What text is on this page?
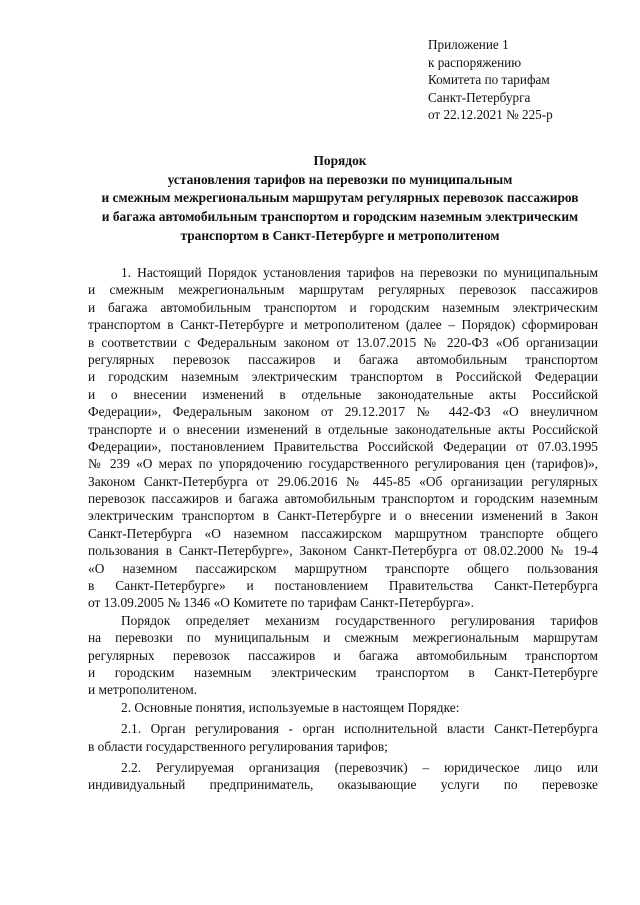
Приложение 1
к распоряжению
Комитета по тарифам
Санкт-Петербурга
от 22.12.2021 № 225-р
Порядок
установления тарифов на перевозки по муниципальным
и смежным межрегиональным маршрутам регулярных перевозок пассажиров
и багажа автомобильным транспортом и городским наземным электрическим
транспортом в Санкт-Петербурге и метрополитеном
1. Настоящий Порядок установления тарифов на перевозки по муниципальным
и смежным межрегиональным маршрутам регулярных перевозок пассажиров
и багажа автомобильным транспортом и городским наземным электрическим
транспортом в Санкт-Петербурге и метрополитеном (далее – Порядок) сформирован
в соответствии с Федеральным законом от 13.07.2015 № 220-ФЗ «Об организации
регулярных перевозок пассажиров и багажа автомобильным транспортом
и городским наземным электрическим транспортом в Российской Федерации
и о внесении изменений в отдельные законодательные акты Российской
Федерации», Федеральным законом от 29.12.2017 № 442-ФЗ «О внеуличном
транспорте и о внесении изменений в отдельные законодательные акты Российской
Федерации», постановлением Правительства Российской Федерации от 07.03.1995
№ 239 «О мерах по упорядочению государственного регулирования цен (тарифов)»,
Законом Санкт-Петербурга от 29.06.2016 № 445-85 «Об организации регулярных
перевозок пассажиров и багажа автомобильным транспортом и городским наземным
электрическим транспортом в Санкт-Петербурге и о внесении изменений в Закон
Санкт-Петербурга «О наземном пассажирском маршрутном транспорте общего
пользования в Санкт-Петербурге», Законом Санкт-Петербурга от 08.02.2000 № 19-4
«О наземном пассажирском маршрутном транспорте общего пользования
в Санкт-Петербурге» и постановлением Правительства Санкт-Петербурга
от 13.09.2005 № 1346 «О Комитете по тарифам Санкт-Петербурга».
Порядок определяет механизм государственного регулирования тарифов
на перевозки по муниципальным и смежным межрегиональным маршрутам
регулярных перевозок пассажиров и багажа автомобильным транспортом
и городским наземным электрическим транспортом в Санкт-Петербурге
и метрополитеном.
2. Основные понятия, используемые в настоящем Порядке:
2.1. Орган регулирования - орган исполнительной власти Санкт-Петербурга
в области государственного регулирования тарифов;
2.2. Регулируемая организация (перевозчик) – юридическое лицо или
индивидуальный предприниматель, оказывающие услуги по перевозке
